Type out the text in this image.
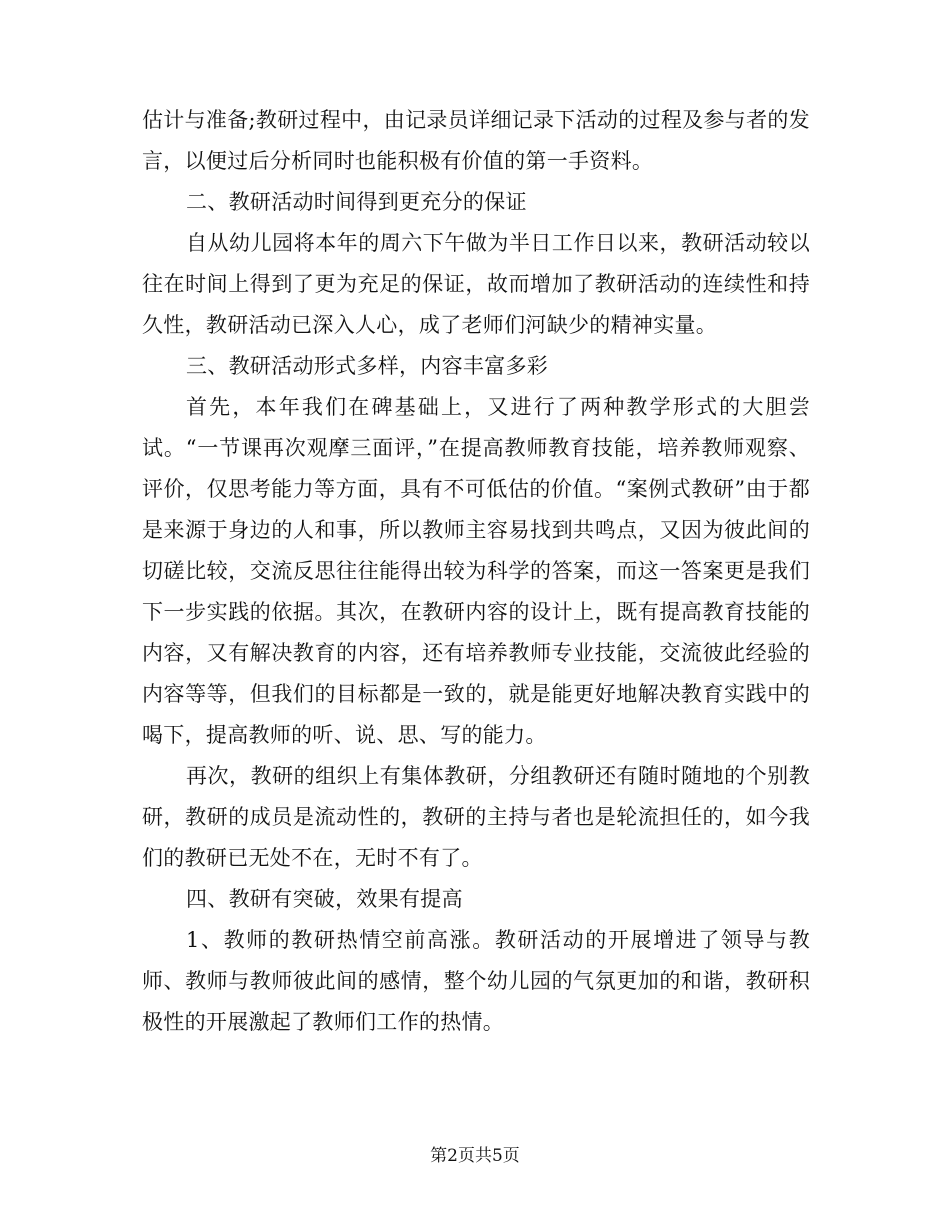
估计与准备;教研过程中，由记录员详细记录下活动的过程及参与者的发言，以便过后分析同时也能积极有价值的第一手资料。

二、教研活动时间得到更充分的保证

自从幼儿园将本年的周六下午做为半日工作日以来，教研活动较以往在时间上得到了更为充足的保证，故而增加了教研活动的连续性和持久性，教研活动已深入人心，成了老师们河缺少的精神实量。

三、教研活动形式多样，内容丰富多彩

首先，本年我们在碑基础上，又进行了两种教学形式的大胆尝试。“一节课再次观摩三面评，”在提高教师教育技能，培养教师观察、评价，仅思考能力等方面，具有不可低估的价值。“案例式教研”由于都是来源于身边的人和事，所以教师主容易找到共鸣点，又因为彼此间的切磋比较，交流反思往往能得出较为科学的答案，而这一答案更是我们下一步实践的依据。其次，在教研内容的设计上，既有提高教育技能的内容，又有解决教育的内容，还有培养教师专业技能，交流彼此经验的内容等等，但我们的目标都是一致的，就是能更好地解决教育实践中的喝下，提高教师的听、说、思、写的能力。

再次，教研的组织上有集体教研，分组教研还有随时随地的个别教研，教研的成员是流动性的，教研的主持与者也是轮流担任的，如今我们的教研已无处不在，无时不有了。

四、教研有突破，效果有提高

1、教师的教研热情空前高涨。教研活动的开展增进了领导与教师、教师与教师彼此间的感情，整个幼儿园的气氛更加的和谐，教研积极性的开展激起了教师们工作的热情。

第2页共5页
